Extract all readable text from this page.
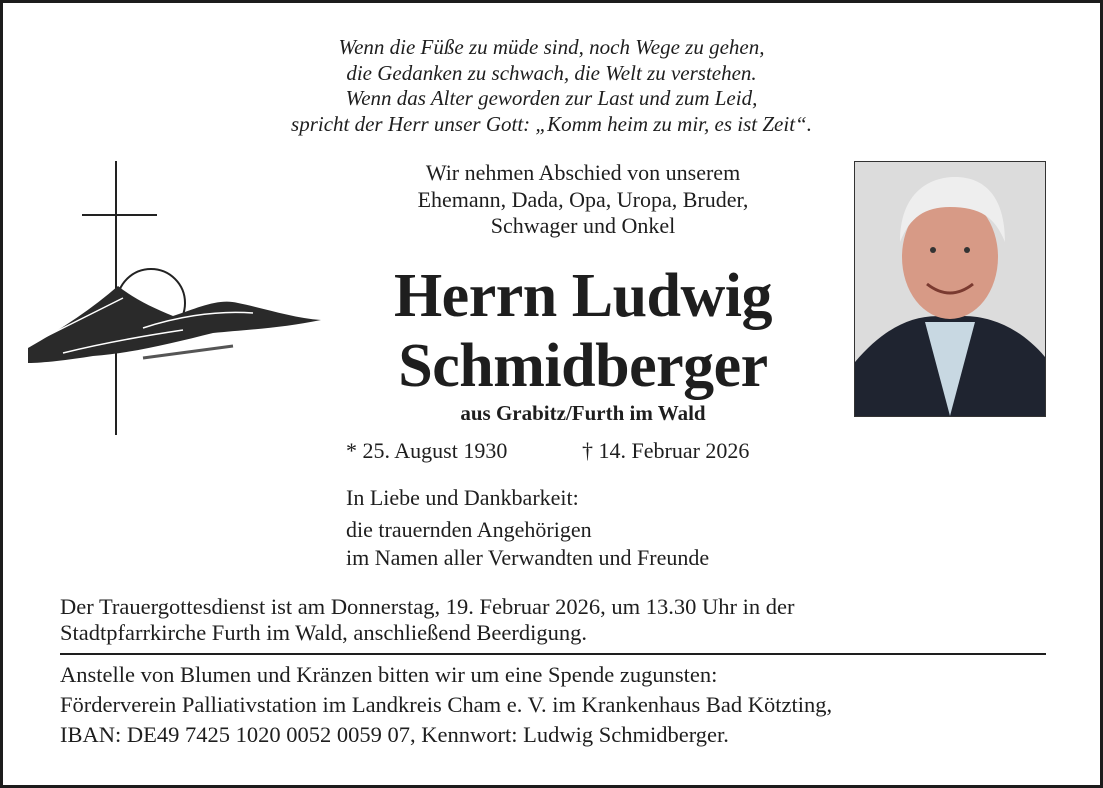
Wenn die Füße zu müde sind, noch Wege zu gehen,
die Gedanken zu schwach, die Welt zu verstehen.
Wenn das Alter geworden zur Last und zum Leid,
spricht der Herr unser Gott: „Komm heim zu mir, es ist Zeit“.
Wir nehmen Abschied von unserem
Ehemann, Dada, Opa, Uropa, Bruder,
Schwager und Onkel
Herrn Ludwig
Schmidberger
aus Grabitz/Furth im Wald
* 25. August 1930	† 14. Februar 2026
In Liebe und Dankbarkeit:
die trauernden Angehörigen
im Namen aller Verwandten und Freunde
Der Trauergottesdienst ist am Donnerstag, 19. Februar 2026, um 13.30 Uhr in der
Stadtpfarrkirche Furth im Wald, anschließend Beerdigung.
Anstelle von Blumen und Kränzen bitten wir um eine Spende zugunsten:
Förderverein Palliativstation im Landkreis Cham e. V. im Krankenhaus Bad Kötzting,
IBAN: DE49 7425 1020 0052 0059 07, Kennwort: Ludwig Schmidberger.
